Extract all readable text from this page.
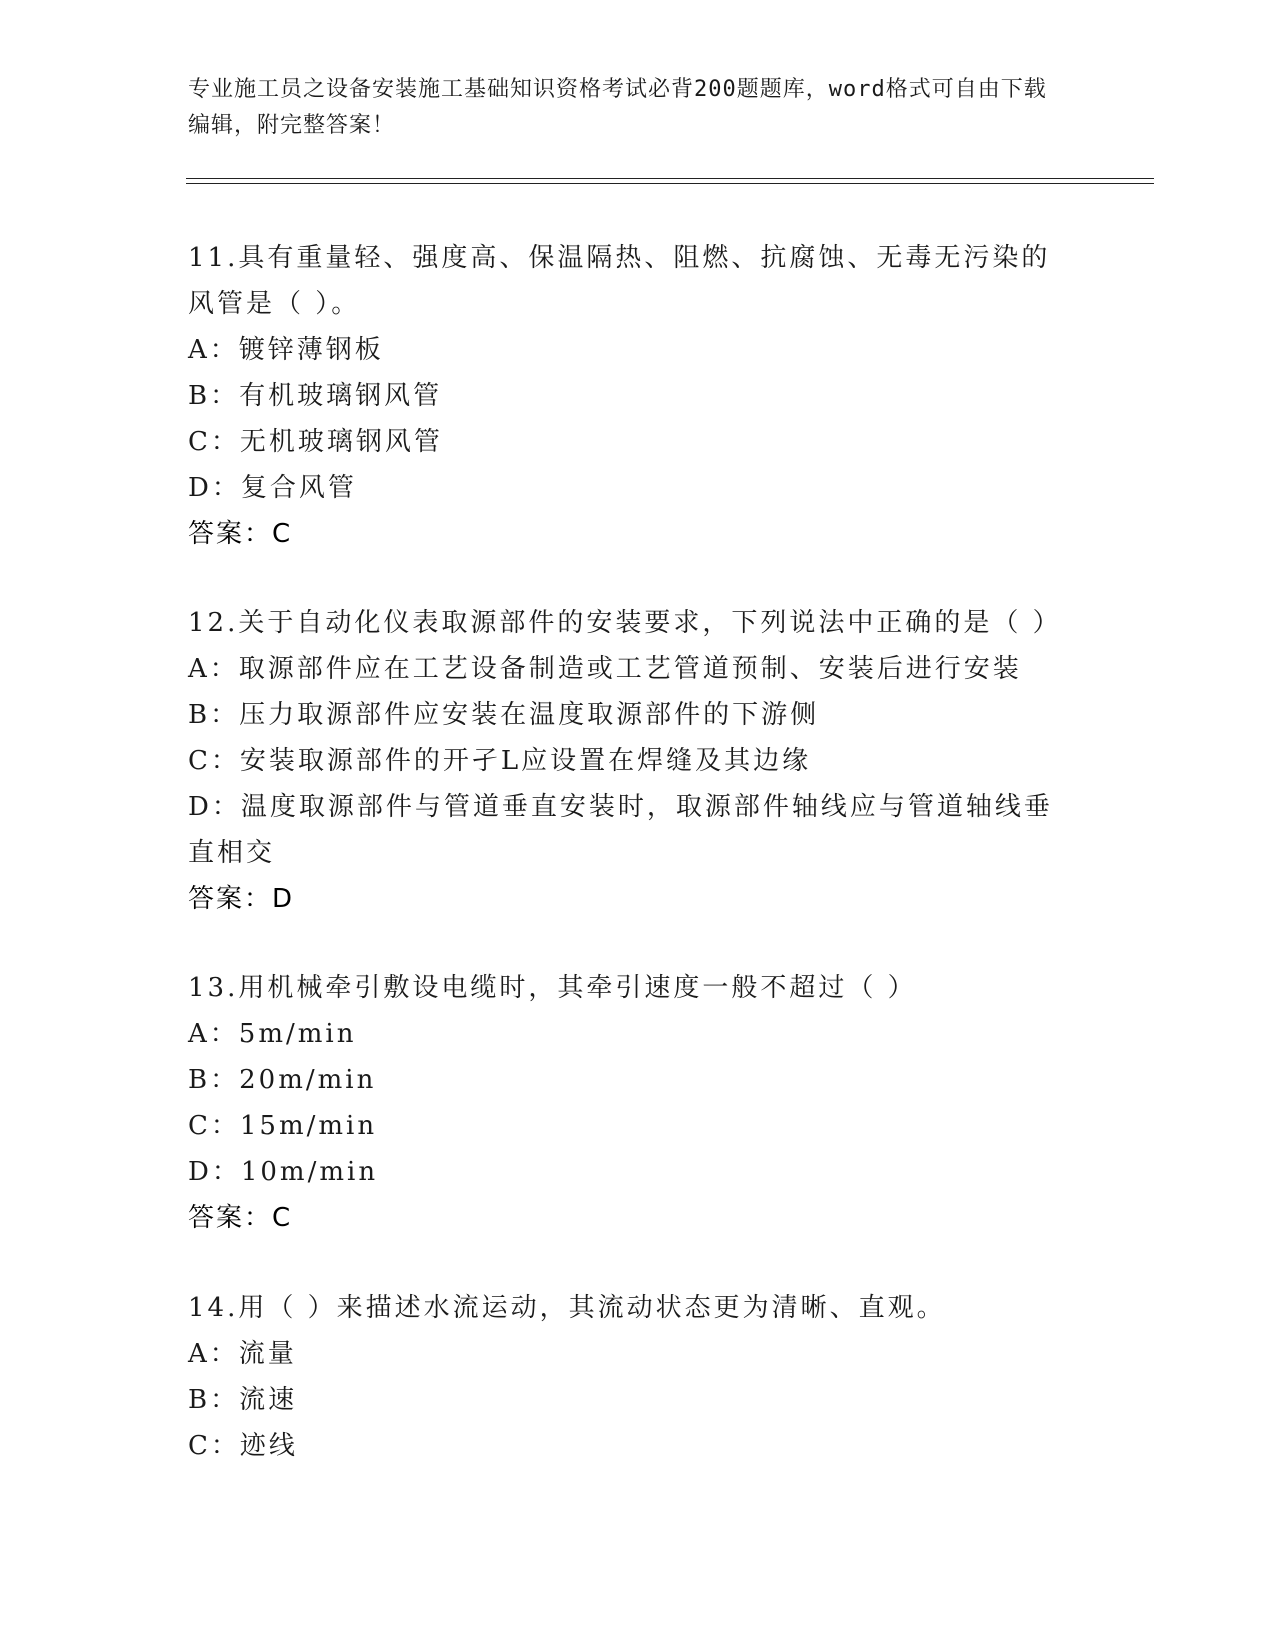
专业施工员之设备安装施工基础知识资格考试必背200题题库，word格式可自由下载编辑，附完整答案！
11.具有重量轻、强度高、保温隔热、阻燃、抗腐蚀、无毒无污染的风管是（ ）。
A：镀锌薄钢板
B：有机玻璃钢风管
C：无机玻璃钢风管
D：复合风管
答案：C
12.关于自动化仪表取源部件的安装要求，下列说法中正确的是（ ）
A：取源部件应在工艺设备制造或工艺管道预制、安装后进行安装
B：压力取源部件应安装在温度取源部件的下游侧
C：安装取源部件的开孑L应设置在焊缝及其边缘
D：温度取源部件与管道垂直安装时，取源部件轴线应与管道轴线垂直相交
答案：D
13.用机械牵引敷设电缆时，其牵引速度一般不超过（ ）
A：5m/min
B：20m/min
C：15m/min
D：10m/min
答案：C
14.用（ ）来描述水流运动，其流动状态更为清晰、直观。
A：流量
B：流速
C：迹线
